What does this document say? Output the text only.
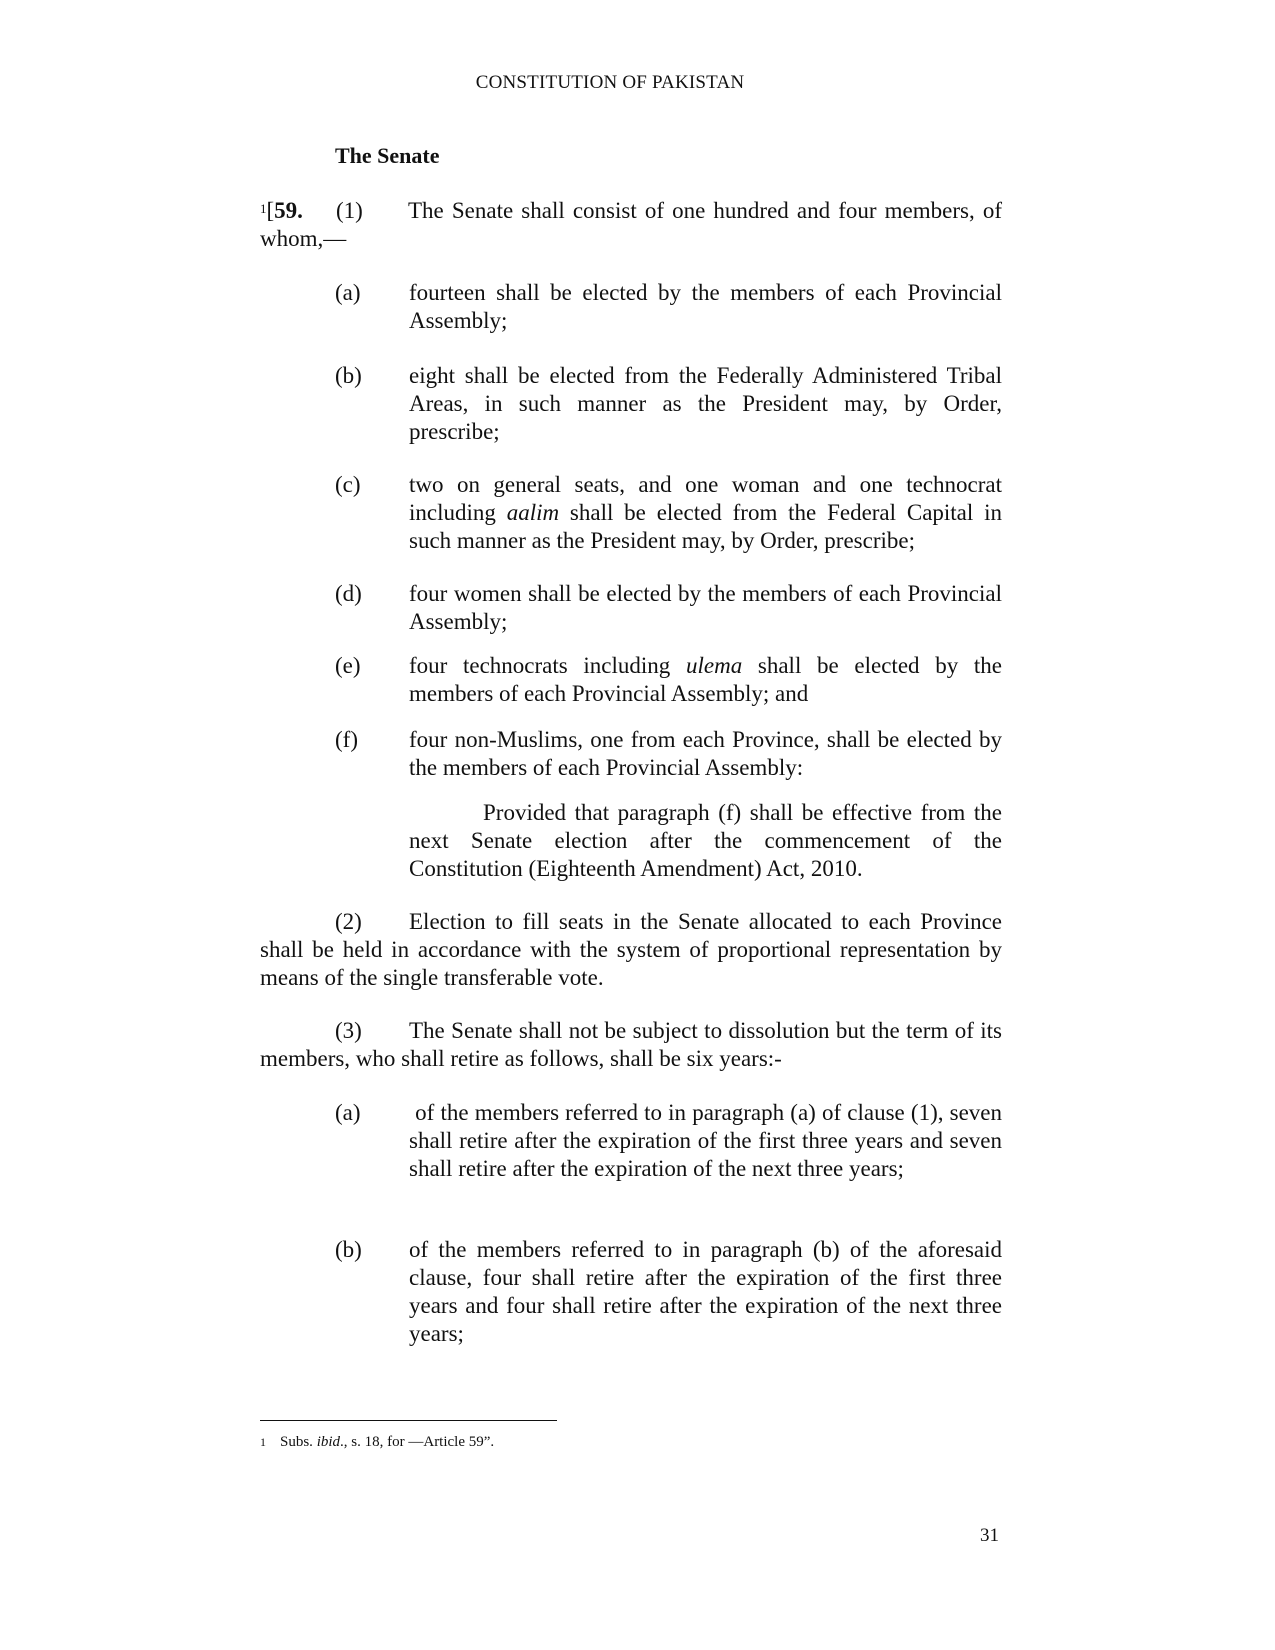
CONSTITUTION OF PAKISTAN
The Senate
$^1$[59. (1) The Senate shall consist of one hundred and four members, of whom,—
(a) fourteen shall be elected by the members of each Provincial Assembly;
(b) eight shall be elected from the Federally Administered Tribal Areas, in such manner as the President may, by Order, prescribe;
(c) two on general seats, and one woman and one technocrat including aalim shall be elected from the Federal Capital in such manner as the President may, by Order, prescribe;
(d) four women shall be elected by the members of each Provincial Assembly;
(e) four technocrats including ulema shall be elected by the members of each Provincial Assembly; and
(f) four non-Muslims, one from each Province, shall be elected by the members of each Provincial Assembly:
Provided that paragraph (f) shall be effective from the next Senate election after the commencement of the Constitution (Eighteenth Amendment) Act, 2010.
(2) Election to fill seats in the Senate allocated to each Province shall be held in accordance with the system of proportional representation by means of the single transferable vote.
(3) The Senate shall not be subject to dissolution but the term of its members, who shall retire as follows, shall be six years:-
(a) of the members referred to in paragraph (a) of clause (1), seven shall retire after the expiration of the first three years and seven shall retire after the expiration of the next three years;
(b) of the members referred to in paragraph (b) of the aforesaid clause, four shall retire after the expiration of the first three years and four shall retire after the expiration of the next three years;
$^1$ Subs. ibid., s. 18, for ―Article 59”.
31
